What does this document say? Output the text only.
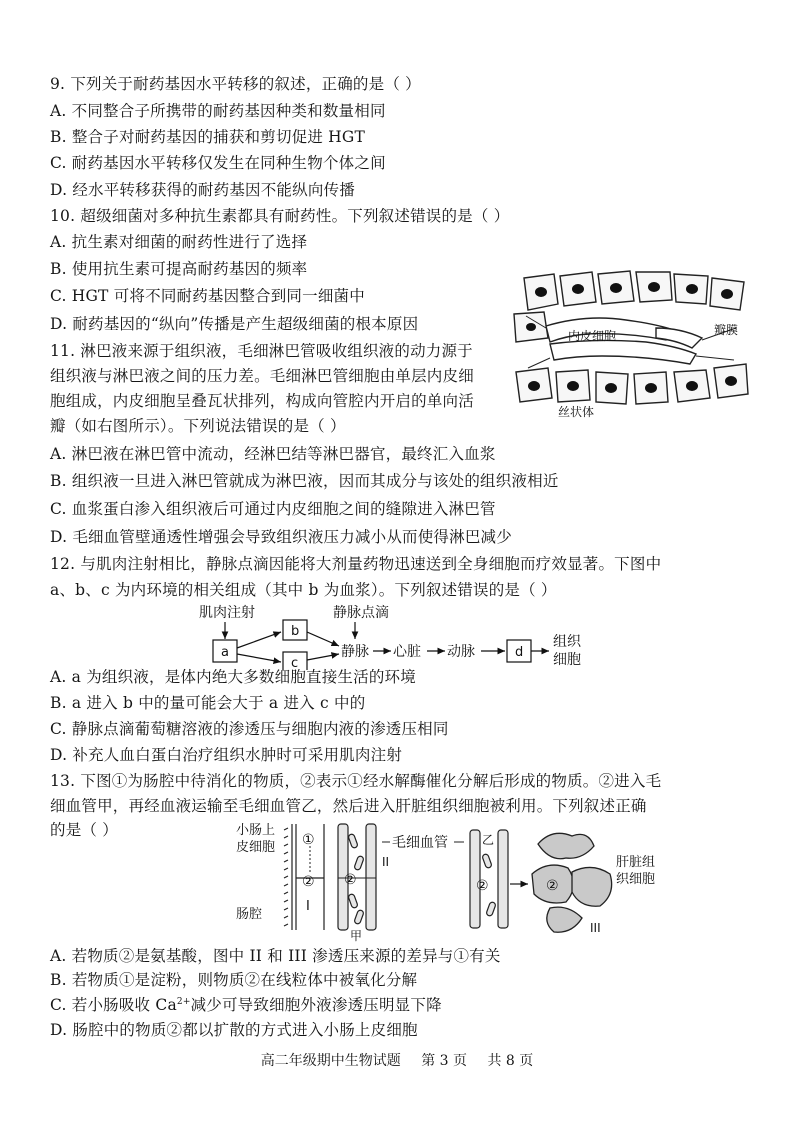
9. 下列关于耐药基因水平转移的叙述，正确的是（ ）
A. 不同整合子所携带的耐药基因种类和数量相同
B. 整合子对耐药基因的捕获和剪切促进 HGT
C. 耐药基因水平转移仅发生在同种生物个体之间
D. 经水平转移获得的耐药基因不能纵向传播
10. 超级细菌对多种抗生素都具有耐药性。下列叙述错误的是（ ）
A. 抗生素对细菌的耐药性进行了选择
B. 使用抗生素可提高耐药基因的频率
C. HGT 可将不同耐药基因整合到同一细菌中
D. 耐药基因的“纵向”传播是产生超级细菌的根本原因
内皮细胞	瓣膜
丝状体
11. 淋巴液来源于组织液，毛细淋巴管吸收组织液的动力源于
组织液与淋巴液之间的压力差。毛细淋巴管细胞由单层内皮细
胞组成，内皮细胞呈叠瓦状排列，构成向管腔内开启的单向活
瓣（如右图所示）。下列说法错误的是（ ）
A. 淋巴液在淋巴管中流动，经淋巴结等淋巴器官，最终汇入血浆
B. 组织液一旦进入淋巴管就成为淋巴液，因而其成分与该处的组织液相近
C. 血浆蛋白渗入组织液后可通过内皮细胞之间的缝隙进入淋巴管
D. 毛细血管壁通透性增强会导致组织液压力减小从而使得淋巴减少
12. 与肌肉注射相比，静脉点滴因能将大剂量药物迅速送到全身细胞而疗效显著。下图中
a、b、c 为内环境的相关组成（其中 b 为血浆）。下列叙述错误的是（ ）
肌肉注射	静脉点滴
a
b
c
d
静脉 心脏 动脉
组织
细胞
A. a 为组织液，是体内绝大多数细胞直接生活的环境
B. a 进入 b 中的量可能会大于 a 进入 c 中的
C. 静脉点滴葡萄糖溶液的渗透压与细胞内液的渗透压相同
D. 补充人血白蛋白治疗组织水肿时可采用肌肉注射
13. 下图①为肠腔中待消化的物质，②表示①经水解酶催化分解后形成的物质。②进入毛
细血管甲，再经血液运输至毛细血管乙，然后进入肝脏组织细胞被利用。下列叙述正确
的是（ ）	小肠上
皮细胞
肠腔
①
②
I
②
甲
II
毛细血管	乙
②	②
III
肝脏组
织细胞
A. 若物质②是氨基酸，图中 II 和 III 渗透压来源的差异与①有关
B. 若物质①是淀粉，则物质②在线粒体中被氧化分解
C. 若小肠吸收 $Ca^{2+}$减少可导致细胞外液渗透压明显下降
D. 肠腔中的物质②都以扩散的方式进入小肠上皮细胞
高二年级期中生物试题 第 3 页 共 8 页
